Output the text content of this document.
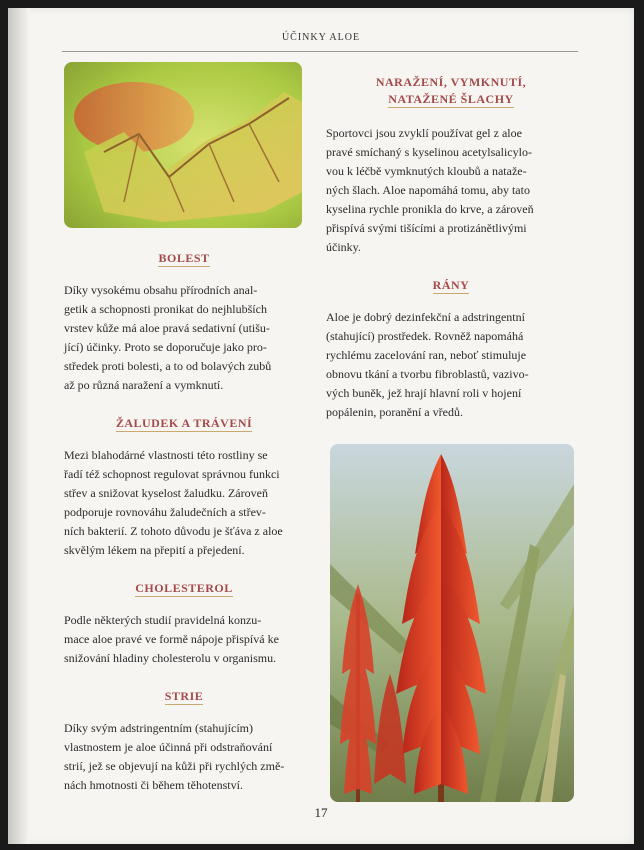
ÚČINKY ALOE
BOLEST

Díky vysokému obsahu přírodních anal-
getik a schopnosti pronikat do nejhlubších
vrstev kůže má aloe pravá sedativní (utišu-
jící) účinky. Proto se doporučuje jako pro-
středek proti bolesti, a to od bolavých zubů
až po různá naražení a vymknutí.

ŽALUDEK A TRÁVENÍ

Mezi blahodárné vlastnosti této rostliny se
řadí též schopnost regulovat správnou funkci
střev a snižovat kyselost žaludku. Zároveň
podporuje rovnováhu žaludečních a střev-
ních bakterií. Z tohoto důvodu je šťáva z aloe
skvělým lékem na přepití a přejedení.

CHOLESTEROL

Podle některých studií pravidelná konzu-
mace aloe pravé ve formě nápoje přispívá ke
snižování hladiny cholesterolu v organismu.

STRIE

Díky svým adstringentním (stahujícím)
vlastnostem je aloe účinná při odstraňování
strií, jež se objevují na kůži při rychlých změ-
nách hmotnosti či během těhotenství.

NARAŽENÍ, VYMKNUTÍ,
NATAŽENÉ ŠLACHY

Sportovci jsou zvyklí používat gel z aloe
pravé smíchaný s kyselinou acetylsalicylo-
vou k léčbě vymknutých kloubů a nataže-
ných šlach. Aloe napomáhá tomu, aby tato
kyselina rychle pronikla do krve, a zároveň
přispívá svými tišícími a protizánětlivými
účinky.

RÁNY

Aloe je dobrý dezinfekční a adstringentní
(stahující) prostředek. Rovněž napomáhá
rychlému zacelování ran, neboť stimuluje
obnovu tkání a tvorbu fibroblastů, vazivo-
vých buněk, jež hrají hlavní roli v hojení
popálenin, poranění a vředů.

17
